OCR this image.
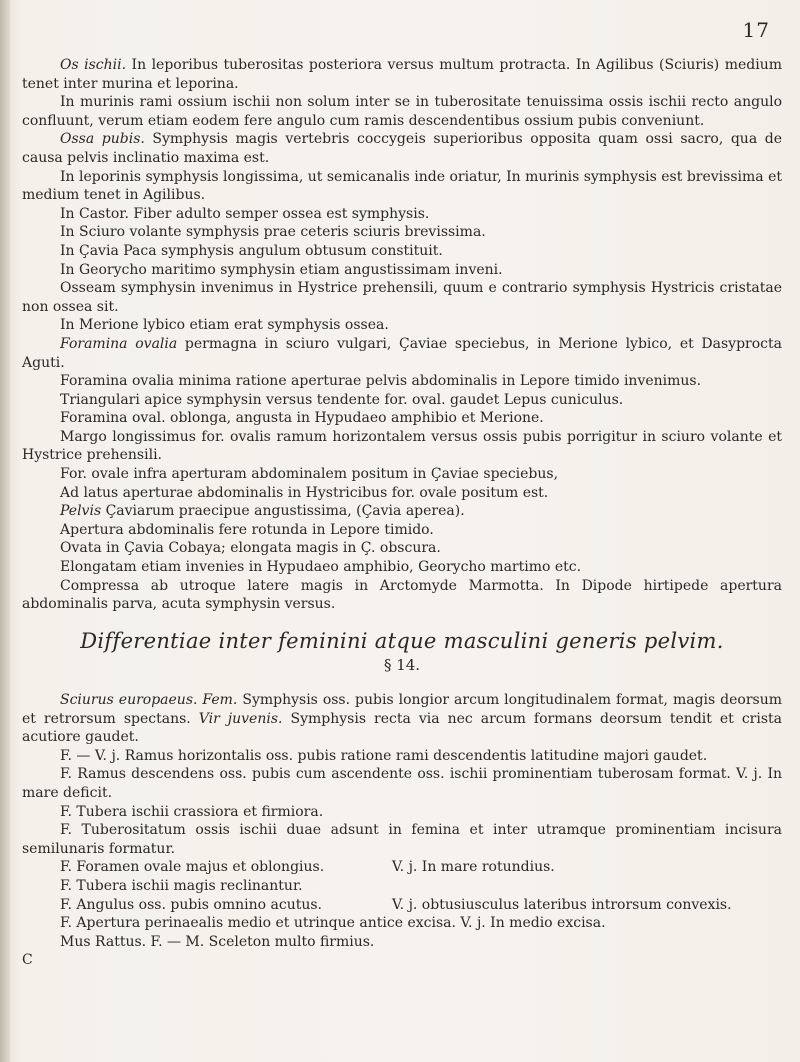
17

Os ischii. In leporibus tuberositas posteriora versus multum protracta. In Agilibus (Sciuris) medium tenet inter murina et leporina.

In murinis rami ossium ischii non solum inter se in tuberositate tenuissima ossis ischii recto angulo confluunt, verum etiam eodem fere angulo cum ramis descendentibus ossium pubis conveniunt.

Ossa pubis. Symphysis magis vertebris coccygeis superioribus opposita quam ossi sacro, qua de causa pelvis inclinatio maxima est.

In leporinis symphysis longissima, ut semicanalis inde oriatur, In murinis symphysis est brevissima et medium tenet in Agilibus.

In Castor. Fiber adulto semper ossea est symphysis.

In Sciuro volante symphysis prae ceteris sciuris brevissima.

In Çavia Paca symphysis angulum obtusum constituit.

In Georycho maritimo symphysin etiam angustissimam inveni.

Osseam symphysin invenimus in Hystrice prehensili, quum e contrario symphysis Hystricis cristatae non ossea sit.

In Merione lybico etiam erat symphysis ossea.

Foramina ovalia permagna in sciuro vulgari, Çaviae speciebus, in Merione lybico, et Dasyprocta Aguti.

Foramina ovalia minima ratione aperturae pelvis abdominalis in Lepore timido invenimus.

Triangulari apice symphysin versus tendente for. oval. gaudet Lepus cuniculus.

Foramina oval. oblonga, angusta in Hypudaeo amphibio et Merione.

Margo longissimus for. ovalis ramum horizontalem versus ossis pubis porrigitur in sciuro volante et Hystrice prehensili.

For. ovale infra aperturam abdominalem positum in Çaviae speciebus,

Ad latus aperturae abdominalis in Hystricibus for. ovale positum est.

Pelvis Çaviarum praecipue angustissima, (Çavia aperea).

Apertura abdominalis fere rotunda in Lepore timido.

Ovata in Çavia Cobaya; elongata magis in Ç. obscura.

Elongatam etiam invenies in Hypudaeo amphibio, Georycho martimo etc.

Compressa ab utroque latere magis in Arctomyde Marmotta. In Dipode hirtipede apertura abdominalis parva, acuta symphysin versus.

Differentiae inter feminini atque masculini generis pelvim.
§ 14.

Sciurus europaeus. Fem. Symphysis oss. pubis longior arcum longitudinalem format, magis deorsum et retrorsum spectans. Vir juvenis. Symphysis recta via nec arcum formans deorsum tendit et crista acutiore gaudet.

F. — V. j. Ramus horizontalis oss. pubis ratione rami descendentis latitudine majori gaudet.

F. Ramus descendens oss. pubis cum ascendente oss. ischii prominentiam tuberosam format. V. j. In mare deficit.

F. Tubera ischii crassiora et firmiora.

F. Tuberositatum ossis ischii duae adsunt in femina et inter utramque prominentiam incisura semilunaris formatur.

F. Foramen ovale majus et oblongius.	V. j. In mare rotundius.

F. Tubera ischii magis reclinantur.

F. Angulus oss. pubis omnino acutus.	V. j. obtusiusculus lateribus introrsum convexis.

F. Apertura perinaealis medio et utrinque antice excisa. V. j. In medio excisa.

Mus Rattus. F. — M. Sceleton multo firmius.

C
